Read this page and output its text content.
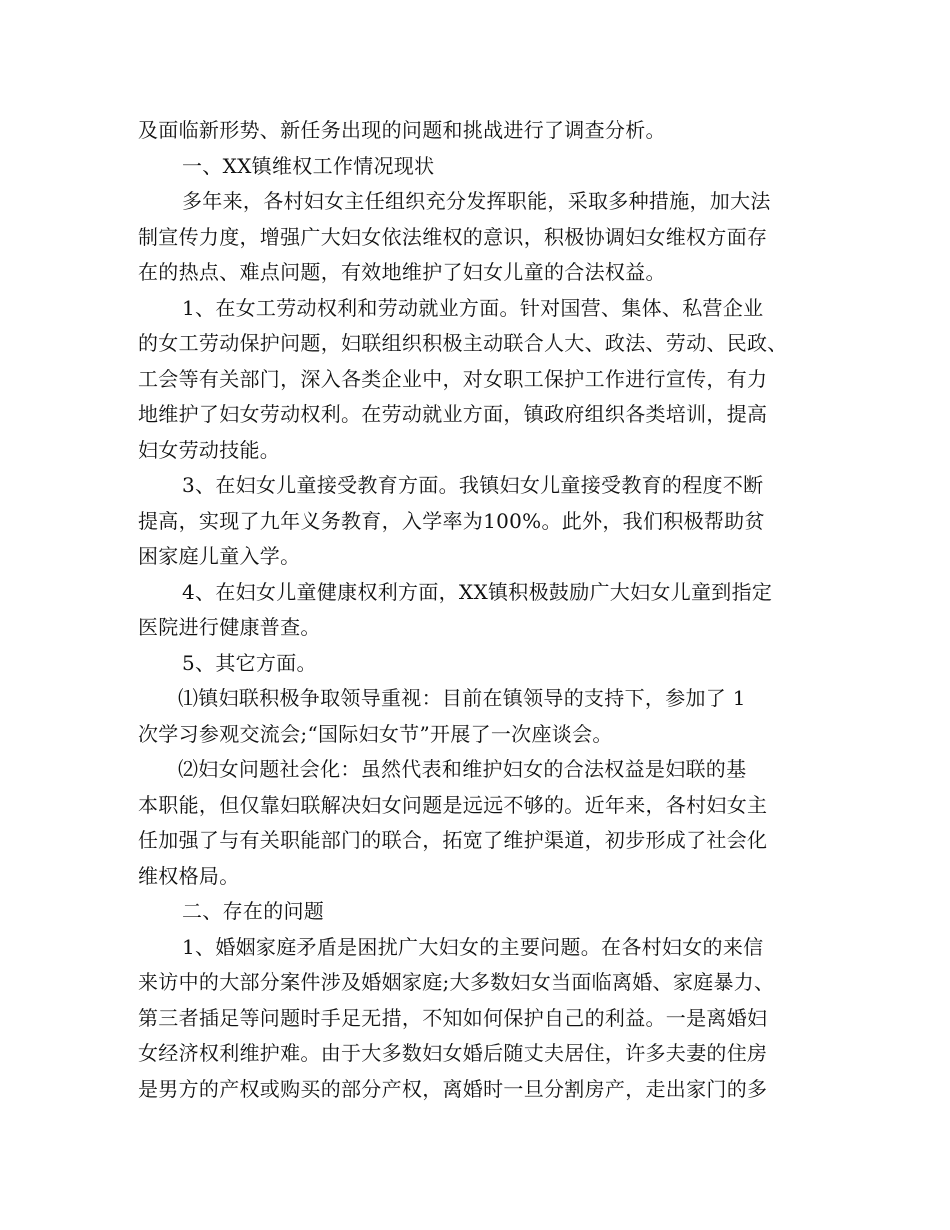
及面临新形势、新任务出现的问题和挑战进行了调查分析。
一、XX镇维权工作情况现状
多年来，各村妇女主任组织充分发挥职能，采取多种措施，加大法
制宣传力度，增强广大妇女依法维权的意识，积极协调妇女维权方面存
在的热点、难点问题，有效地维护了妇女儿童的合法权益。
1、在女工劳动权利和劳动就业方面。针对国营、集体、私营企业
的女工劳动保护问题，妇联组织积极主动联合人大、政法、劳动、民政、
工会等有关部门，深入各类企业中，对女职工保护工作进行宣传，有力
地维护了妇女劳动权利。在劳动就业方面，镇政府组织各类培训，提高
妇女劳动技能。
3、在妇女儿童接受教育方面。我镇妇女儿童接受教育的程度不断
提高，实现了九年义务教育，入学率为100%。此外，我们积极帮助贫
困家庭儿童入学。
4、在妇女儿童健康权利方面，XX镇积极鼓励广大妇女儿童到指定
医院进行健康普查。
5、其它方面。
⑴镇妇联积极争取领导重视：目前在镇领导的支持下，参加了 1
次学习参观交流会;“国际妇女节”开展了一次座谈会。
⑵妇女问题社会化：虽然代表和维护妇女的合法权益是妇联的基
本职能，但仅靠妇联解决妇女问题是远远不够的。近年来，各村妇女主
任加强了与有关职能部门的联合，拓宽了维护渠道，初步形成了社会化
维权格局。
二、存在的问题
1、婚姻家庭矛盾是困扰广大妇女的主要问题。在各村妇女的来信
来访中的大部分案件涉及婚姻家庭;大多数妇女当面临离婚、家庭暴力、
第三者插足等问题时手足无措，不知如何保护自己的利益。一是离婚妇
女经济权利维护难。由于大多数妇女婚后随丈夫居住，许多夫妻的住房
是男方的产权或购买的部分产权，离婚时一旦分割房产，走出家门的多
